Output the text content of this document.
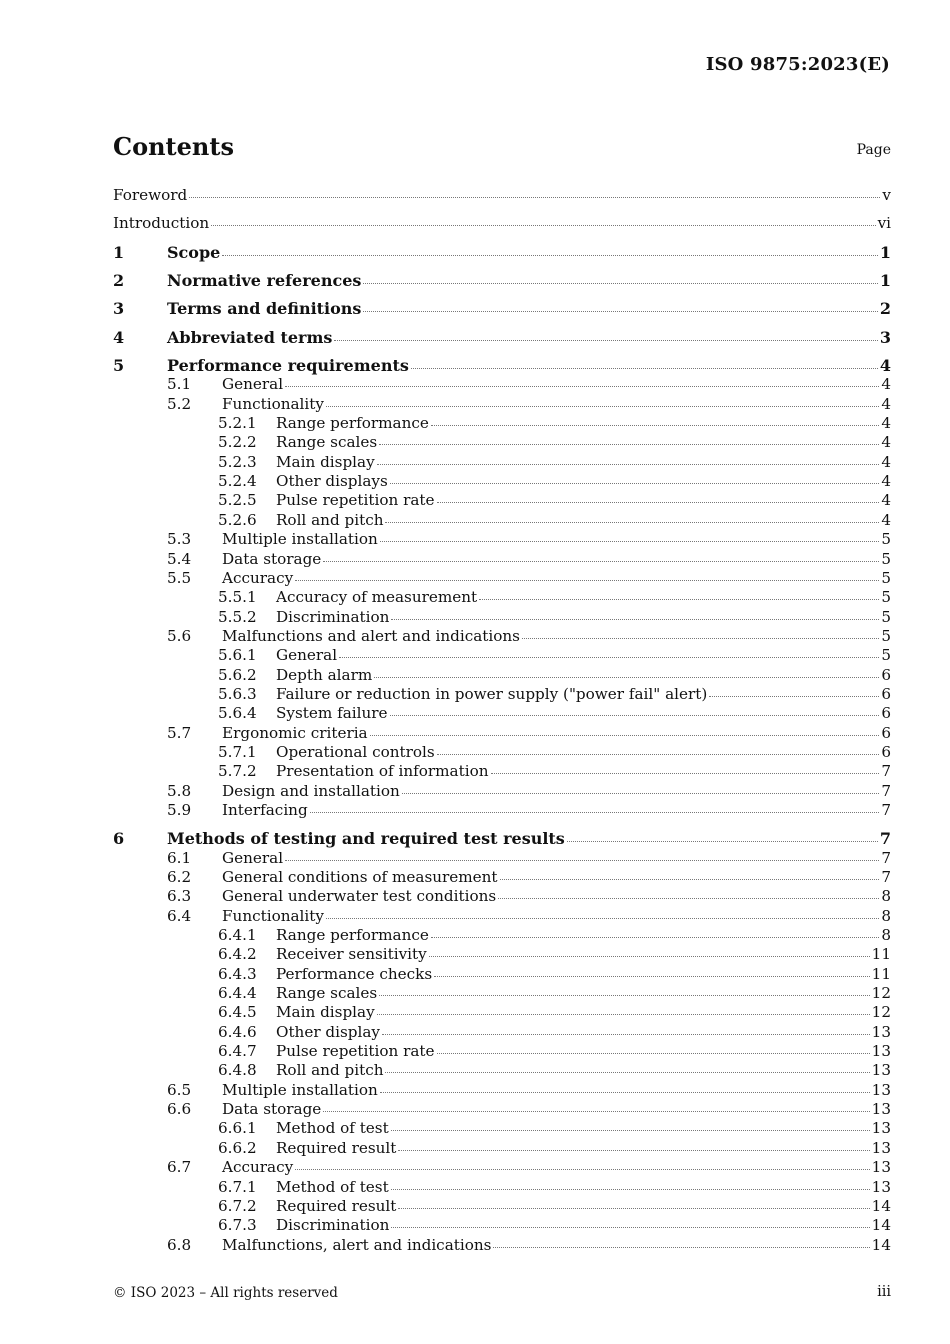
ISO 9875:2023(E)
Contents	Page
Foreword	v
Introduction	vi
1	Scope	1
2	Normative references	1
3	Terms and definitions	2
4	Abbreviated terms	3
5	Performance requirements	4
5.1	General	4
5.2	Functionality	4
5.2.1	Range performance	4
5.2.2	Range scales	4
5.2.3	Main display	4
5.2.4	Other displays	4
5.2.5	Pulse repetition rate	4
5.2.6	Roll and pitch	4
5.3	Multiple installation	5
5.4	Data storage	5
5.5	Accuracy	5
5.5.1	Accuracy of measurement	5
5.5.2	Discrimination	5
5.6	Malfunctions and alert and indications	5
5.6.1	General	5
5.6.2	Depth alarm	6
5.6.3	Failure or reduction in power supply ("power fail" alert)	6
5.6.4	System failure	6
5.7	Ergonomic criteria	6
5.7.1	Operational controls	6
5.7.2	Presentation of information	7
5.8	Design and installation	7
5.9	Interfacing	7
6	Methods of testing and required test results	7
6.1	General	7
6.2	General conditions of measurement	7
6.3	General underwater test conditions	8
6.4	Functionality	8
6.4.1	Range performance	8
6.4.2	Receiver sensitivity	11
6.4.3	Performance checks	11
6.4.4	Range scales	12
6.4.5	Main display	12
6.4.6	Other display	13
6.4.7	Pulse repetition rate	13
6.4.8	Roll and pitch	13
6.5	Multiple installation	13
6.6	Data storage	13
6.6.1	Method of test	13
6.6.2	Required result	13
6.7	Accuracy	13
6.7.1	Method of test	13
6.7.2	Required result	14
6.7.3	Discrimination	14
6.8	Malfunctions, alert and indications	14
© ISO 2023 – All rights reserved	iii
